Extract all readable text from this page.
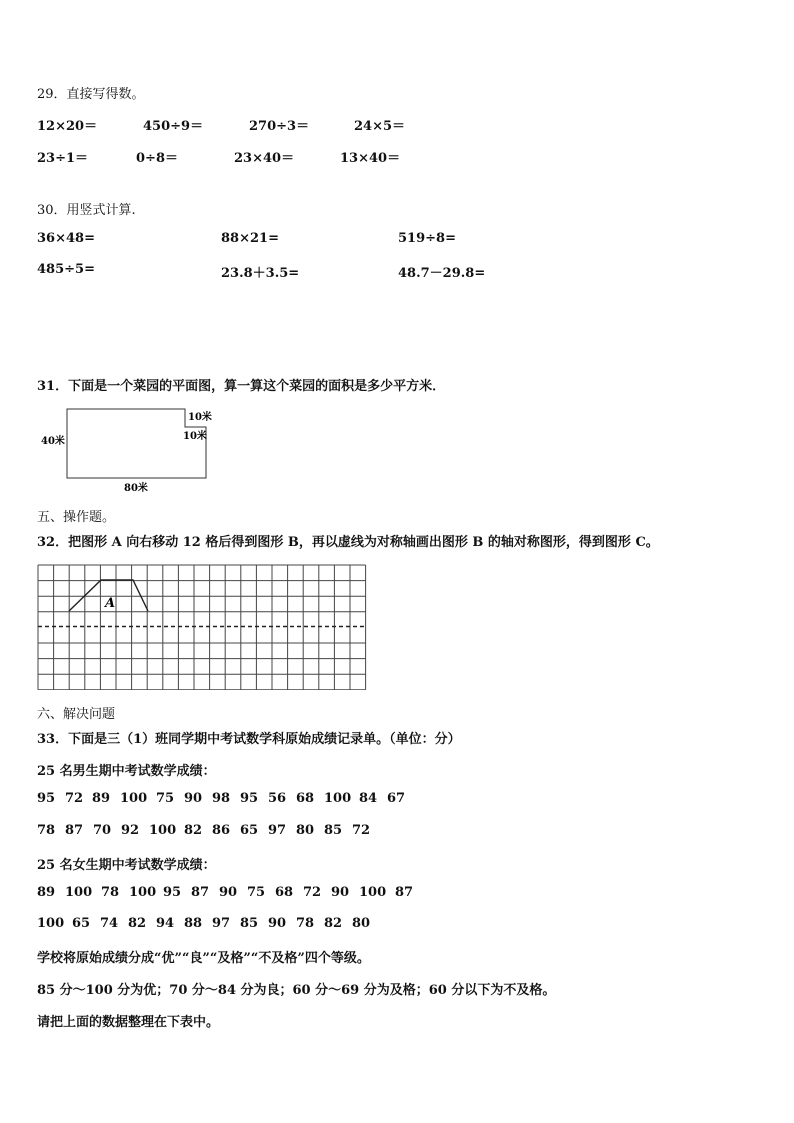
29．直接写得数。
12×20＝	450÷9＝	270÷3＝	24×5＝
23÷1＝	0÷8＝	23×40＝	13×40＝
30．用竖式计算.
36×48=	88×21=	519÷8=
485÷5=	23.8＋3.5=	48.7－29.8=
31．下面是一个菜园的平面图，算一算这个菜园的面积是多少平方米．
10米
10米
40米
80米
五、操作题。
32．把图形 A 向右移动 12 格后得到图形 B，再以虚线为对称轴画出图形 B 的轴对称图形，得到图形 C。
A
六、解决问题
33．下面是三（1）班同学期中考试数学科原始成绩记录单。（单位：分）
25 名男生期中考试数学成绩：
95 72 89 100 75 90 98 95 56 68 100 84 67
78 87 70 92 100 82 86 65 97 80 85 72
25 名女生期中考试数学成绩：
89 100 78 100 95 87 90 75 68 72 90 100 87
100 65 74 82 94 88 97 85 90 78 82 80
学校将原始成绩分成“优”“良”“及格”“不及格”四个等级。
85 分～100 分为优；70 分～84 分为良；60 分～69 分为及格；60 分以下为不及格。
请把上面的数据整理在下表中。
